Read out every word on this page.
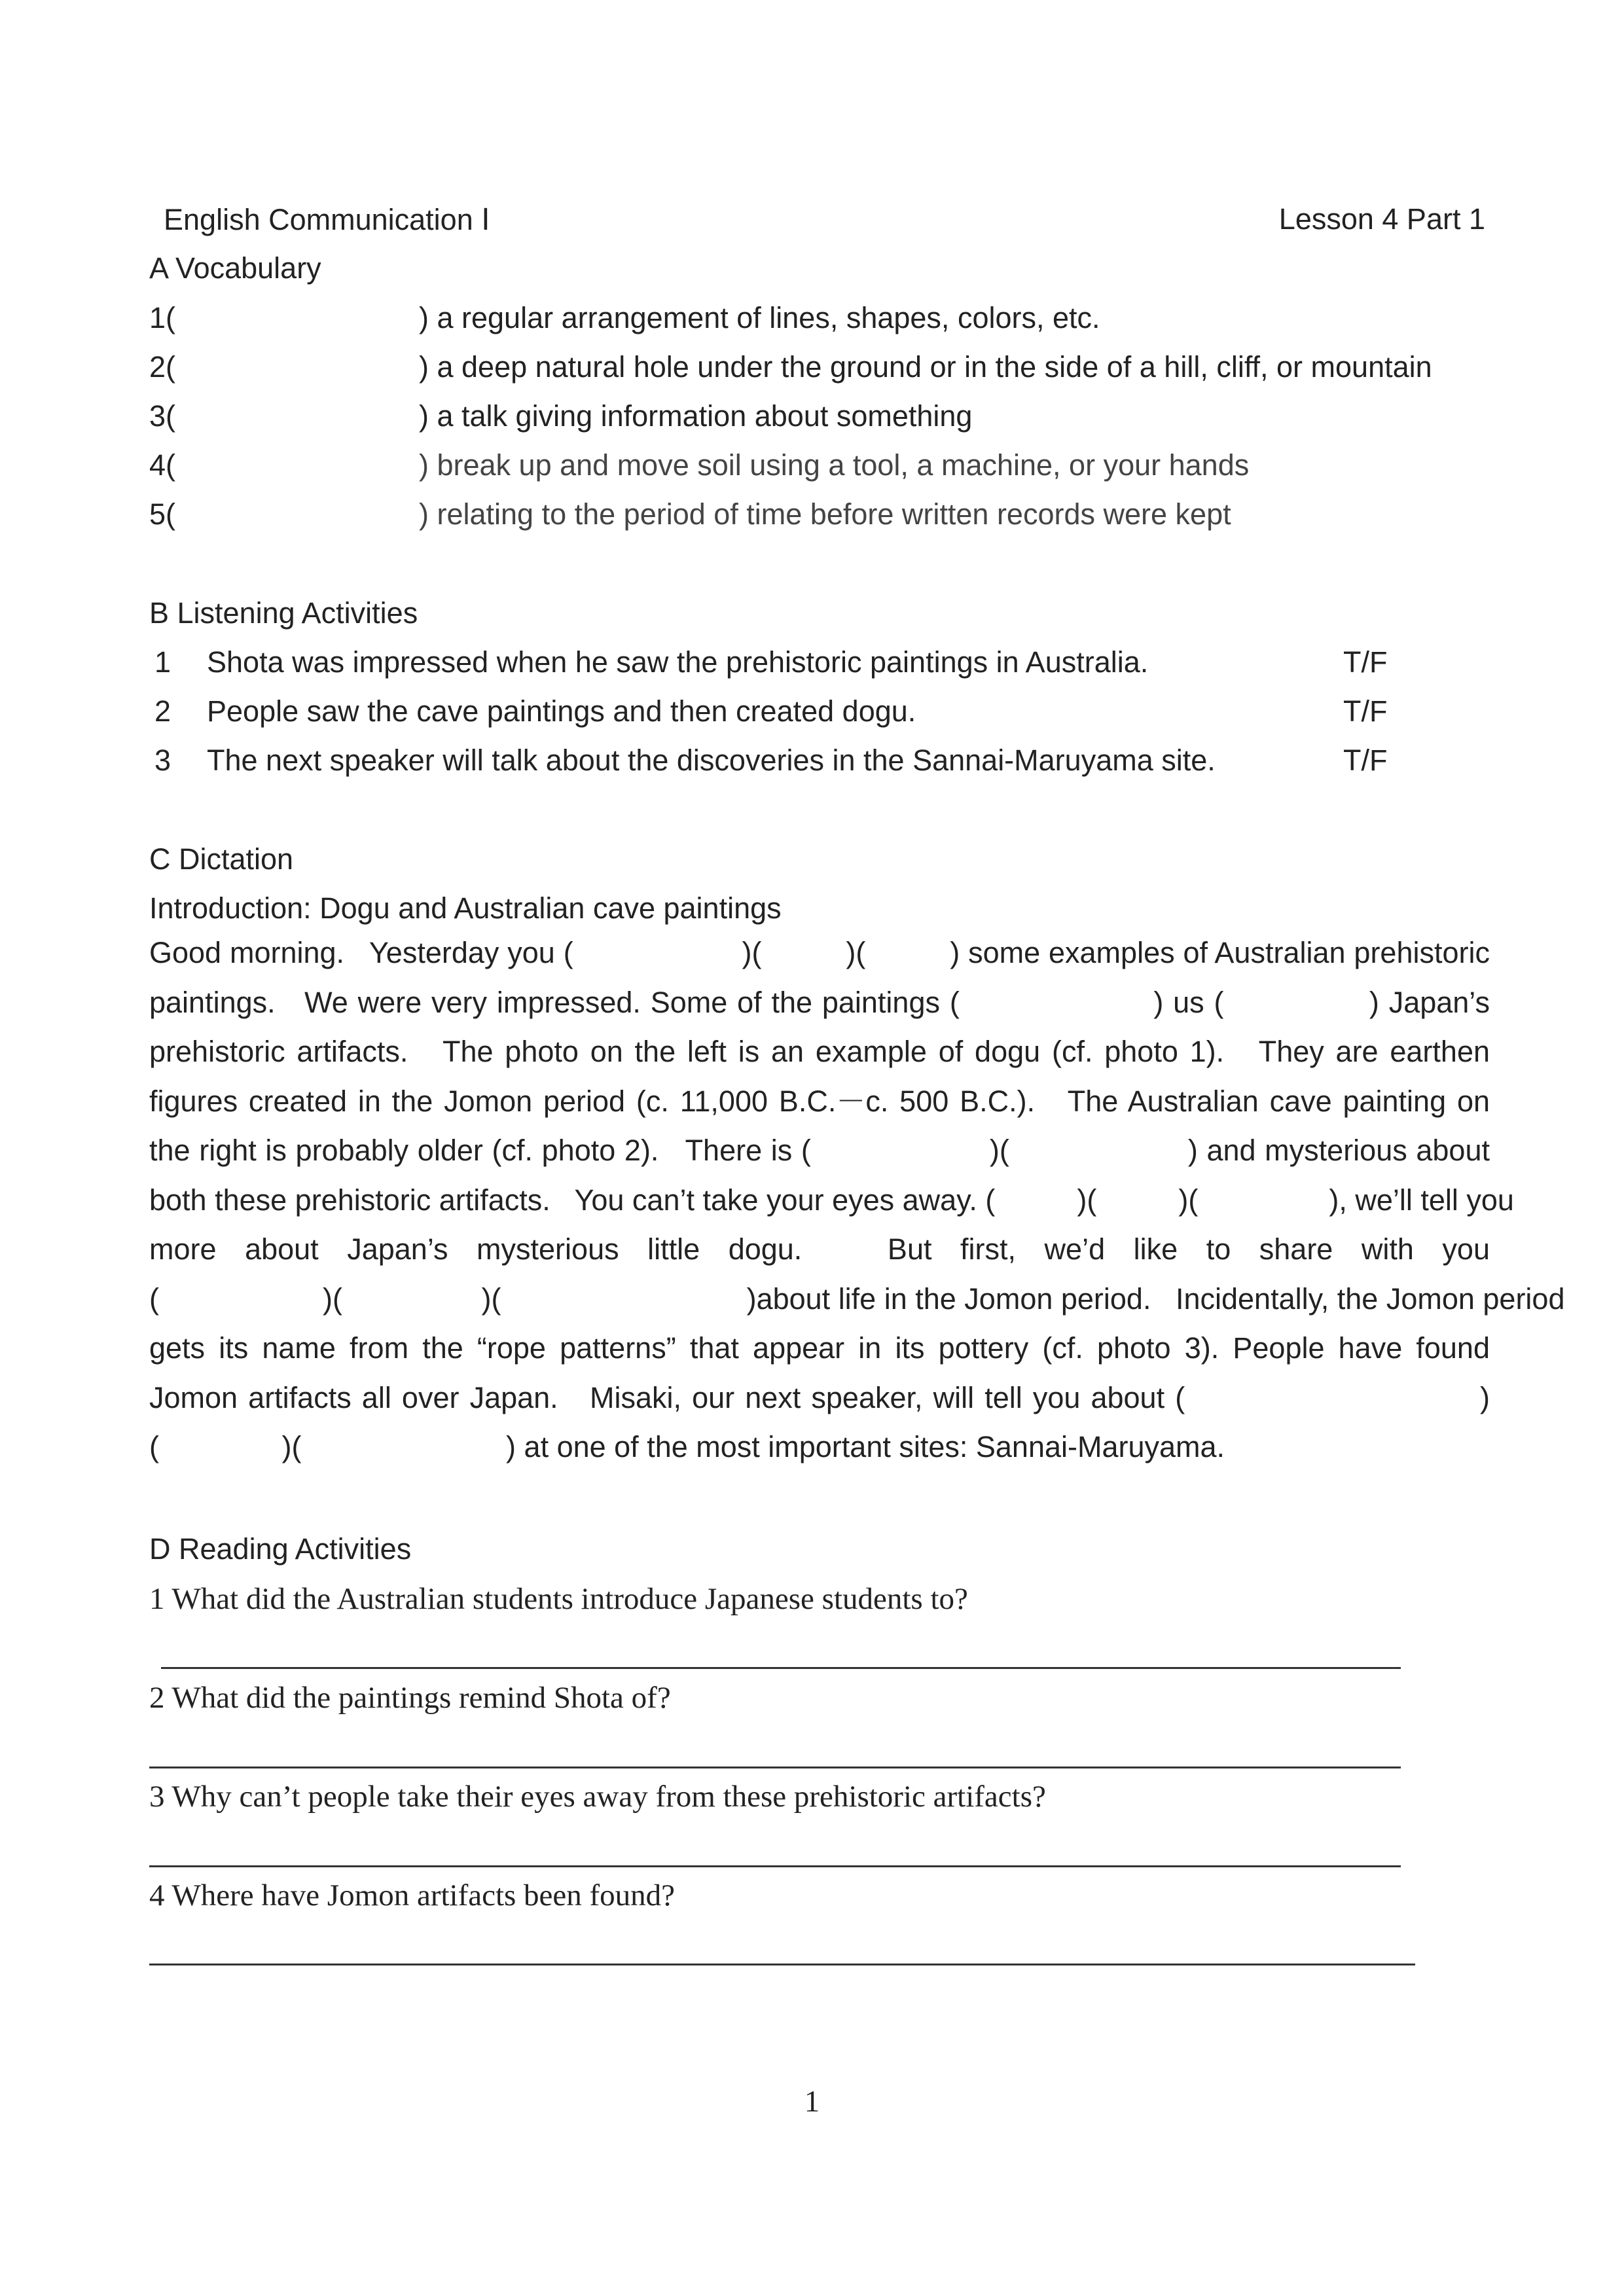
English Communication Ⅰ	Lesson 4 Part 1
A Vocabulary
1(	) a regular arrangement of lines, shapes, colors, etc.
2(	) a deep natural hole under the ground or in the side of a hill, cliff, or mountain
3(	) a talk giving information about something
4(	) break up and move soil using a tool, a machine, or your hands
5(	) relating to the period of time before written records were kept
B Listening Activities
1 Shota was impressed when he saw the prehistoric paintings in Australia.	T/F
2 People saw the cave paintings and then created dogu.	T/F
3 The next speaker will talk about the discoveries in the Sannai-Maruyama site.	T/F
C Dictation
Introduction: Dogu and Australian cave paintings
Good morning.   Yesterday you (                    )(          )(          ) some examples of Australian prehistoric
paintings.   We were very impressed. Some of the paintings (                    ) us (               ) Japan’s
prehistoric artifacts.   The photo on the left is an example of dogu (cf. photo 1).   They are earthen
figures created in the Jomon period (c. 11,000 B.C.－c. 500 B.C.).   The Australian cave painting on
the right is probably older (cf. photo 2).   There is (                    )(                    ) and mysterious about
both these prehistoric artifacts.   You can’t take your eyes away. (          )(          )(                ), we’ll tell you
more about Japan’s mysterious little dogu.   But first, we’d like to share with you
(                    )(                 )(                              )about life in the Jomon period.   Incidentally, the Jomon period
gets its name from the “rope patterns” that appear in its pottery (cf. photo 3). People have found
Jomon artifacts all over Japan.   Misaki, our next speaker, will tell you about (                            )
(               )(                         ) at one of the most important sites: Sannai-Maruyama.
D Reading Activities
1 What did the Australian students introduce Japanese students to?
2 What did the paintings remind Shota of?
3 Why can’t people take their eyes away from these prehistoric artifacts?
4 Where have Jomon artifacts been found?
1
